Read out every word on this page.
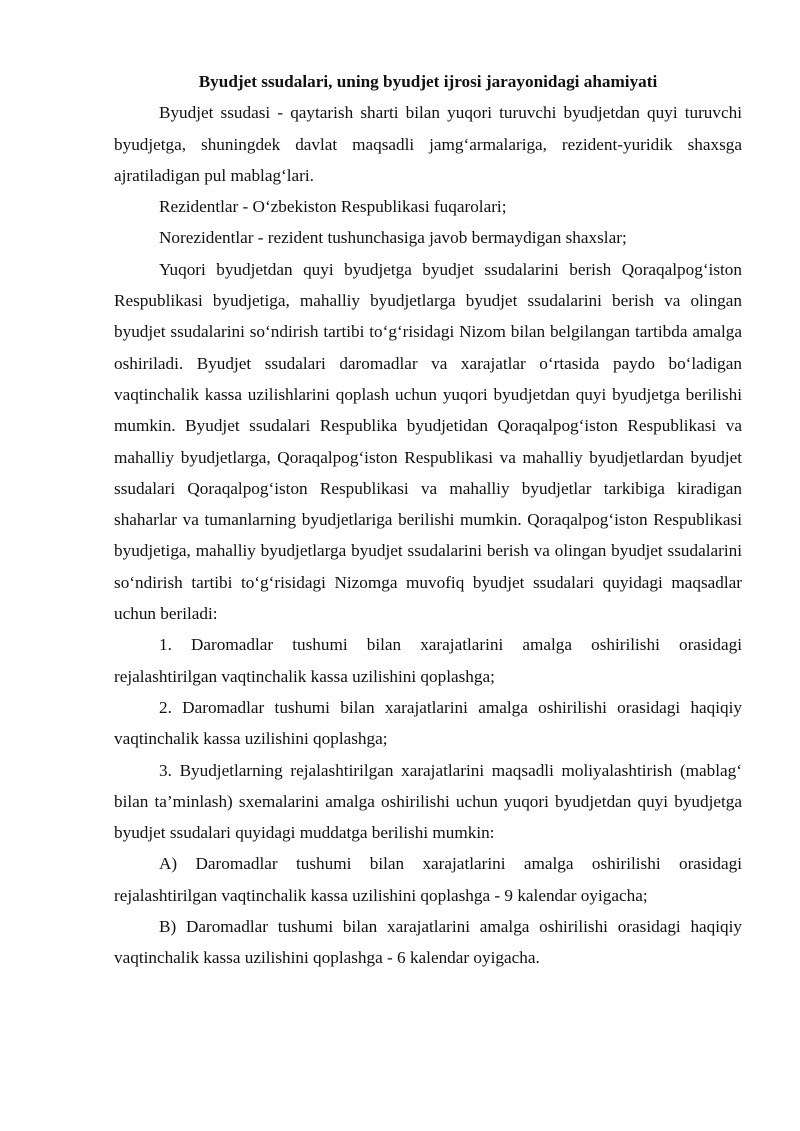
Byudjet ssudalari, uning byudjet ijrosi jarayonidagi ahamiyati

Byudjet ssudasi - qaytarish sharti bilan yuqori turuvchi byudjetdan quyi turuvchi byudjetga, shuningdek davlat maqsadli jamg‘armalariga, rezident-yuridik shaxsga ajratiladigan pul mablag‘lari.

Rezidentlar - O‘zbekiston Respublikasi fuqarolari;

Norezidentlar - rezident tushunchasiga javob bermaydigan shaxslar;

Yuqori byudjetdan quyi byudjetga byudjet ssudalarini berish Qoraqalpog‘iston Respublikasi byudjetiga, mahalliy byudjetlarga byudjet ssudalarini berish va olingan byudjet ssudalarini so‘ndirish tartibi to‘g‘risidagi Nizom bilan belgilangan tartibda amalga oshiriladi. Byudjet ssudalari daromadlar va xarajatlar o‘rtasida paydo bo‘ladigan vaqtinchalik kassa uzilishlarini qoplash uchun yuqori byudjetdan quyi byudjetga berilishi mumkin. Byudjet ssudalari Respublika byudjetidan Qoraqalpog‘iston Respublikasi va mahalliy byudjetlarga, Qoraqalpog‘iston Respublikasi va mahalliy byudjetlardan byudjet ssudalari Qoraqalpog‘iston Respublikasi va mahalliy byudjetlar tarkibiga kiradigan shaharlar va tumanlarning byudjetlariga berilishi mumkin. Qoraqalpog‘iston Respublikasi byudjetiga, mahalliy byudjetlarga byudjet ssudalarini berish va olingan byudjet ssudalarini so‘ndirish tartibi to‘g‘risidagi Nizomga muvofiq byudjet ssudalari quyidagi maqsadlar uchun beriladi:

1. Daromadlar tushumi bilan xarajatlarini amalga oshirilishi orasidagi rejalashtirilgan vaqtinchalik kassa uzilishini qoplashga;

2. Daromadlar tushumi bilan xarajatlarini amalga oshirilishi orasidagi haqiqiy vaqtinchalik kassa uzilishini qoplashga;

3. Byudjetlarning rejalashtirilgan xarajatlarini maqsadli moliyalashtirish (mablag‘ bilan ta’minlash) sxemalarini amalga oshirilishi uchun yuqori byudjetdan quyi byudjetga byudjet ssudalari quyidagi muddatga berilishi mumkin:

A) Daromadlar tushumi bilan xarajatlarini amalga oshirilishi orasidagi rejalashtirilgan vaqtinchalik kassa uzilishini qoplashga - 9 kalendar oyigacha;

B) Daromadlar tushumi bilan xarajatlarini amalga oshirilishi orasidagi haqiqiy vaqtinchalik kassa uzilishini qoplashga - 6 kalendar oyigacha.
